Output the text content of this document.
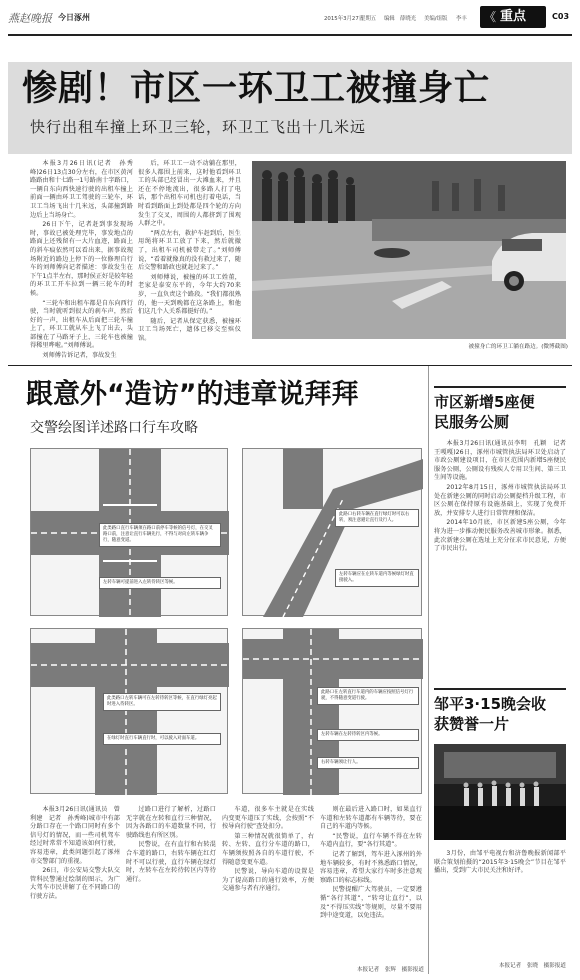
燕赵晚报 今日涿州	2015年3月27日
星期五 编辑 薛晓光 美编/组版 李丰 《 重点	C03
惨剧！市区一环卫工被撞身亡
快行出租车撞上环卫三轮，环卫工飞出十几米远

本报3月26日讯(记者　孙秀峰)26日13点30分左右，在市区黄河路路由和十七路一1号路南十字路口，一辆自东向西快速行驶的出租车撞上前面一辆由环卫工驾驶的三轮车，环卫工当场飞出十几米远，头部撞到路边后上当场身亡。

26日下午，记者赶到事发现场时，事故已被处理完毕，事发地点的路面上还残留有一大片血迹，路面上的斜车痕依然可以看出来，据事故现场附近的路边上停下的一位修理自行车的刘师傅向记者描述：事故发生在下午1点半左右，那时侯正好是较年轻的环卫工开车拉到一辆三轮车的时候。

“三轮车和出租车都是自东向西行驶，当时就听到很大的刹车声，然后好的一声，出租车从后面把三轮车撞上了，环卫工就从车上飞了出去，头部撞在了马路牙子上，三轮车也被撞得稀里哗啦。”刘师傅说。

刘师傅告诉记者，事故发生

后，环卫工一动不动躺在那里，很多人都围上前来，这时他看到环卫工的头部已经冒出一大滩血来，并且还在不停地流出，很多路人打了电话，那个出租车司机也打着电话，当时看到路面上到处都是四个轮的方向发生了交叉，周围的人都挤到了围观人群之中。

“两点左右，救护车赶到后，医生用绳将环卫工放了下来，然后就撤了，出租车司机被带走了。”刘师傅说，“看着就像真的没有救过来了，随后交警和路政也就赶过来了。”

刘师傅说，被撞的环卫工姓董，老家是泰安东平的，今年大约70来岁，一直负责这个路段。“我们都很熟的，他一天到晚都在这条路上，和他们这几个人关系都挺好的。”

随后，记者从保定获悉，被撞环卫工当场死亡，遗体已移交至殡仪馆。

被撞身亡的环卫工躺在路边。(微博截图)
跟意外“造访”的违章说拜拜
交警绘图详述路口行车攻略
此类路口直行车辆须在路口前停车等候的信号灯，在交叉路口前，注意让直行车辆先行，不得与对向左转车辆争行，随意变道。
左转车辆可提前进入左转待转区等候。
此路口右转车辆在直行绿灯时可以右转，须注意避让直行及行人。
左转车辆应在左转车道内等候绿灯时直接驶入。
此类路口左转车辆可在左转待转区等候，在直行绿灯亮起时进入待转区。
在绿灯时直行车辆直行时，可以驶入对面车道。
此路口在左转直行车道内的车辆应按照信号灯行驶，不得随意变道行驶。
左转车辆在左转待转区内等候。
右转车辆须让行人。

本报3月26日讯(通讯员　曾利建　记者　孙秀峰)城市中有部分路口存在一个路口同时有多个信号灯的情况，而一些司机驾车经过时常常不知道该如何行驶，容易违章，此类问题引起了涿州市交警部门的重视。

26日，市公安局交警大队交管科民警通过绘制的图示，为广大驾车市民讲解了在不同路口的行驶方法。

过路口进行了解析，过路口无字就在左转和直行三种情况，因为各路口的车道数量不同，行驶路线也有所区别。

民警说，在有直行和右转混合车道的路口，右转车辆在红灯时不可以行驶，直行车辆在绿灯时，左转车在左转待转区内等待通行。

车道，很多车主就是在实线内变更车道压了实线，会按照“不按导向行驶”查处扣分。

第三种情况就很简单了，右转、左转、直行分车道的路口，车辆须按照各自的车道行驶，不得随意变更车道。

民警说，导向车道的设置是为了提高路口的通行效率，方便交通参与者有序通行。

则在最后进入路口时，如果直行车道和左转车道都有车辆等待，要在自己的车道内等候。

“民警说，直行车辆不得在左转车道内直行，要“各行其道”。

记者了解到，驾车进入涿州的外地车辆较多，有时不熟悉路口情况，容易违章，希望大家行车时多注意观察路口的标志标线。

民警提醒广大驾驶员，一定要遵循“各行其道”，“转弯让直行”，以及“不得压实线”等规则，尽量不要用到中途变道，以免违法。

本报记者　张辉　摄影报道
市区新增5座便民服务公厕

本报3月26日讯(通讯员李明　孔颖　记者　王嘎嘎)26日，涿州市城管执法局环卫处启动了市政公厕建设项目，在市区范围内新增5座便民服务公厕，公厕设有残疾人专用卫生间、第三卫生间等设施。

2012年8月15日，涿州市城管执法局环卫处在新建公厕的同时启动公厕提档升级工程，市区公厕在保持原有设施基础上，实现了免费开放，并安排专人进行日常管理和保洁。

2014年10月底，市区新建5座公厕，今年将为进一步推动便民服务改善城市形象。据悉，此次新建公厕在选址上充分征求市民意见，方便了市民出行。

邹平3·15晚会收获赞誉一片
3月份，由邹平电视台和济鲁晚报新闻部平联合策划拍摄的“2015年3·15晚会”节目在邹平播出，受到广大市民关注和好评。
本报记者　张晓　摄影报道
